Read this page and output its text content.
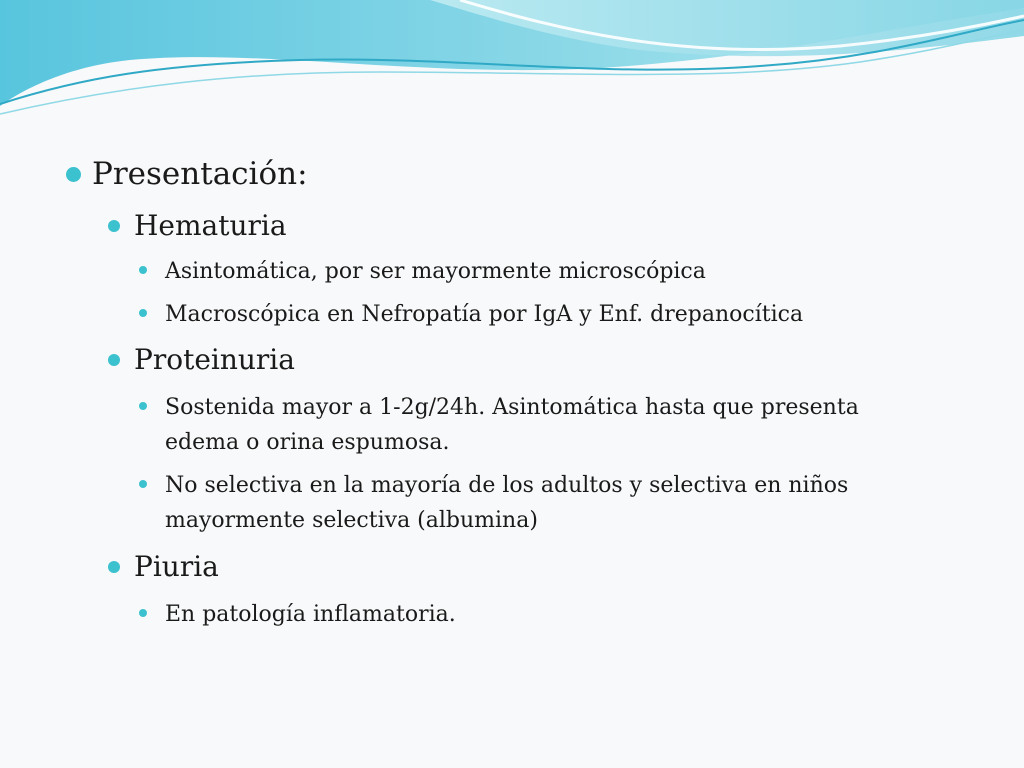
Presentación:
Hematuria
Asintomática, por ser mayormente microscópica
Macroscópica en Nefropatía por IgA y Enf. drepanocítica
Proteinuria
Sostenida mayor a 1-2g/24h. Asintomática hasta que presenta
edema o orina espumosa.
No selectiva en la mayoría de los adultos y selectiva en niños
mayormente selectiva (albumina)
Piuria
En patología inflamatoria.
